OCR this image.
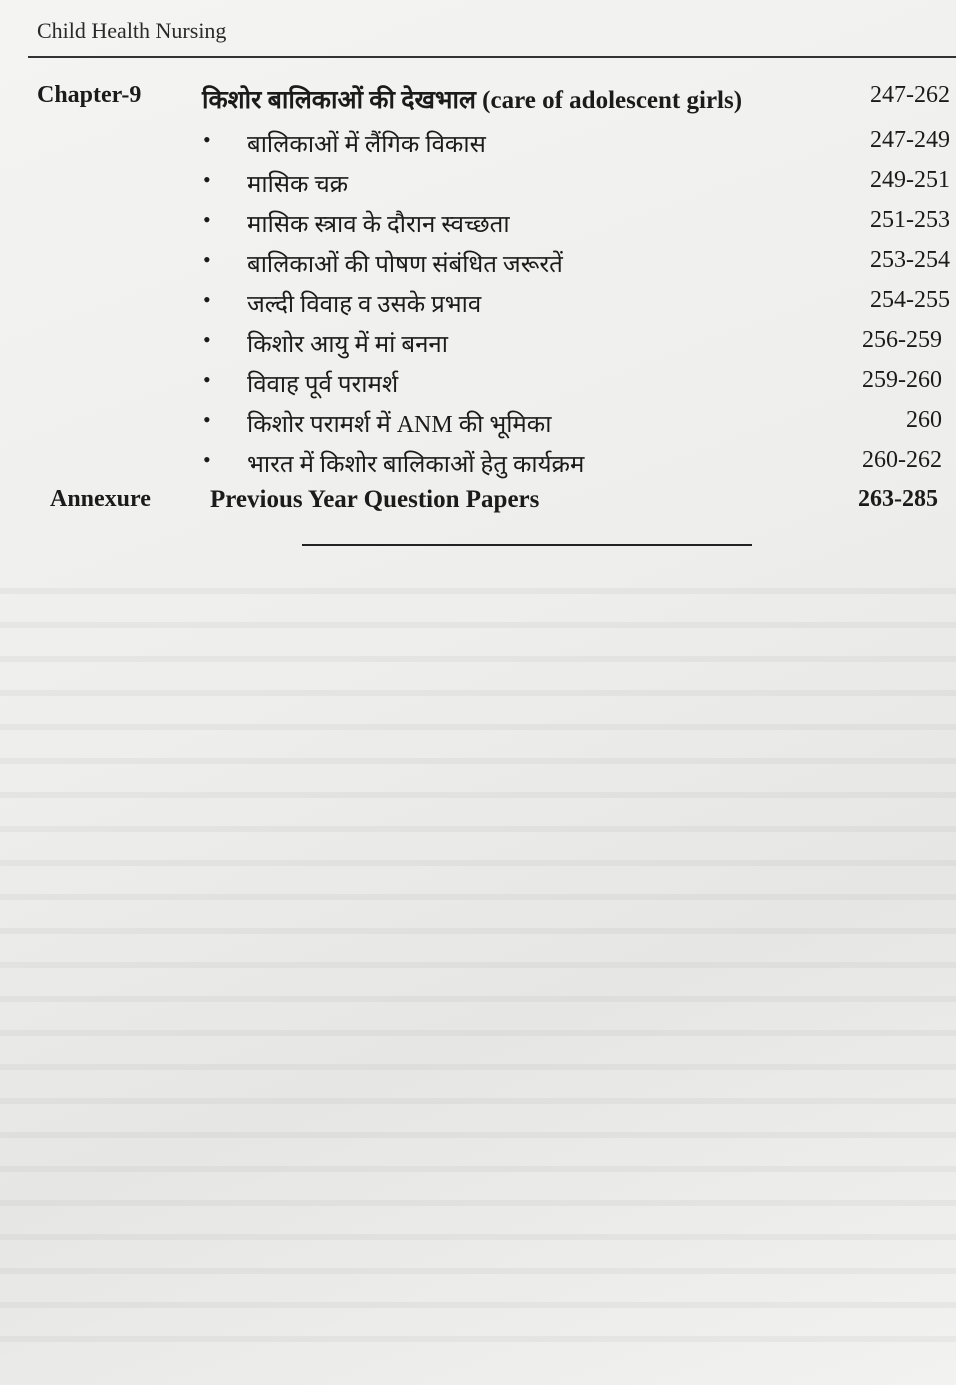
Child Health Nursing
Chapter-9 किशोर बालिकाओं की देखभाल (care of adolescent girls)	247-262
• बालिकाओं में लैंगिक विकास	247-249
• मासिक चक्र	249-251
• मासिक स्त्राव के दौरान स्वच्छता	251-253
• बालिकाओं की पोषण संबंधित जरूरतें	253-254
• जल्दी विवाह व उसके प्रभाव	254-255
• किशोर आयु में मां बनना	256-259
• विवाह पूर्व परामर्श	259-260
• किशोर परामर्श में ANM की भूमिका	260
• भारत में किशोर बालिकाओं हेतु कार्यक्रम	260-262
Annexure Previous Year Question Papers	263-285
